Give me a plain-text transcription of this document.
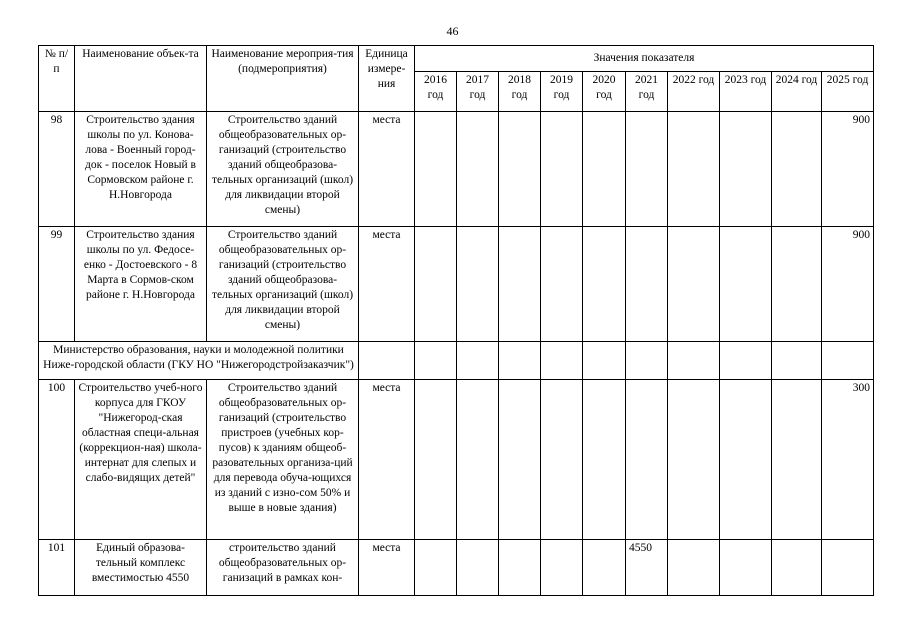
46
№ п/п	Наименование объек-та	Наименование мероприя-тия (подмероприятия)	Единица измере-ния	Значения показателя									
				2016 год	2017 год	2018 год	2019 год	2020 год	2021 год	2022 год	2023 год	2024 год	2025 год
98	Строительство здания школы по ул. Конова-лова - Военный город-док - поселок Новый в Сормовском районе г. Н.Новгорода	Строительство зданий общеобразовательных ор-ганизаций (строительство зданий общеобразова-тельных организаций (школ) для ликвидации второй смены)	места										900
99	Строительство здания школы по ул. Федосе-енко - Достоевского - 8 Марта в Сормов-ском районе г. Н.Новгорода	Строительство зданий общеобразовательных ор-ганизаций (строительство зданий общеобразова-тельных организаций (школ) для ликвидации второй смены)	места										900
Министерство образования, науки и молодежной политики Ниже-городской области (ГКУ НО "Нижегородстройзаказчик")													
100	Строительство учеб-ного корпуса для ГКОУ "Нижегород-ская областная специ-альная (коррекцион-ная) школа-интернат для слепых и слабо-видящих детей"	Строительство зданий общеобразовательных ор-ганизаций (строительство пристроев (учебных кор-пусов) к зданиям общеоб-разовательных организа-ций для перевода обуча-ющихся из зданий с изно-сом 50% и выше в новые здания)	места										300
101	Единый образова-тельный комплекс вместимостью 4550	строительство зданий общеобразовательных ор-ганизаций в рамках кон-	места						4550				
